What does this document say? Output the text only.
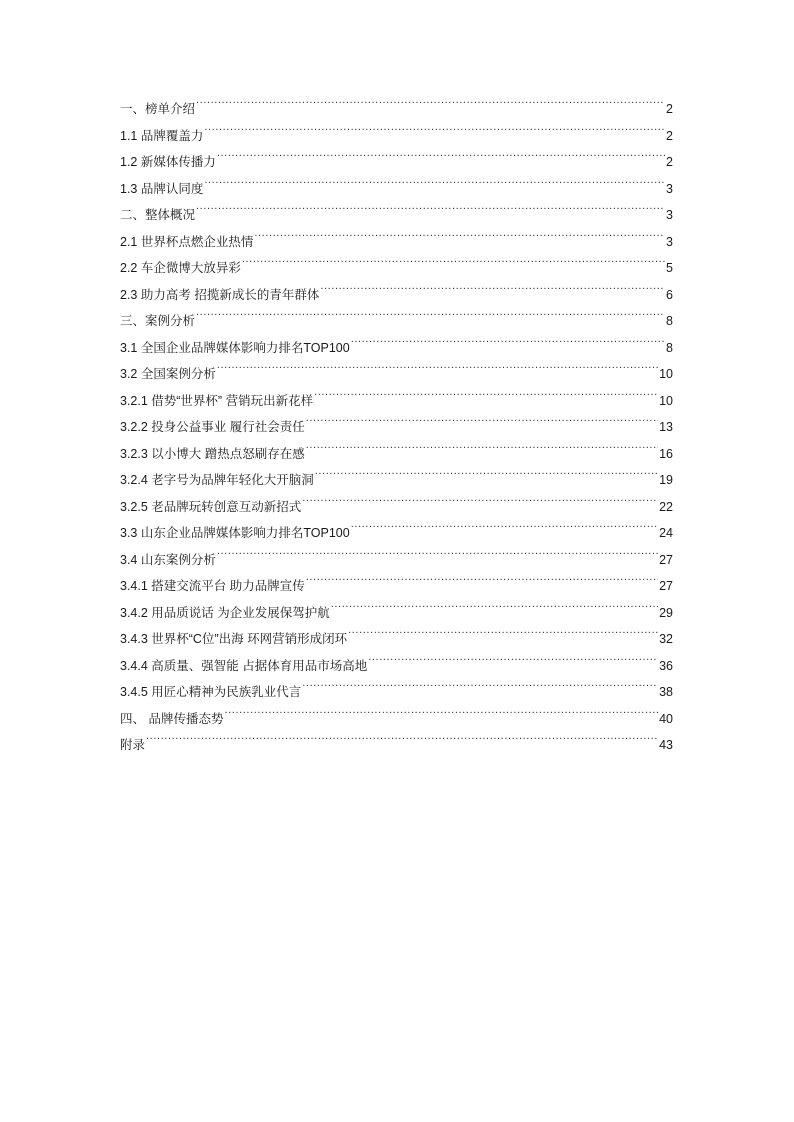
一、榜单介绍 .....	2
1.1 品牌覆盖力 .....	2
1.2 新媒体传播力 .....	2
1.3 品牌认同度 .....	3
二、整体概况 .....	3
2.1 世界杯点燃企业热情 .....	3
2.2 车企微博大放异彩 .....	5
2.3 助力高考 招揽新成长的青年群体 .....	6
三、案例分析 .....	8
3.1 全国企业品牌媒体影响力排名TOP100 .....	8
3.2 全国案例分析 .....	10
3.2.1 借势“世界杯” 营销玩出新花样 .....	10
3.2.2 投身公益事业 履行社会责任 .....	13
3.2.3 以小博大 蹭热点怒刷存在感 .....	16
3.2.4 老字号为品牌年轻化大开脑洞 .....	19
3.2.5 老品牌玩转创意互动新招式 .....	22
3.3 山东企业品牌媒体影响力排名TOP100 .....	24
3.4 山东案例分析 .....	27
3.4.1 搭建交流平台 助力品牌宣传 .....	27
3.4.2 用品质说话 为企业发展保驾护航 .....	29
3.4.3 世界杯“C位”出海 环网营销形成闭环 .....	32
3.4.4 高质量、强智能 占据体育用品市场高地 .....	36
3.4.5 用匠心精神为民族乳业代言 .....	38
四、 品牌传播态势 .....	40
附录 .....	43
